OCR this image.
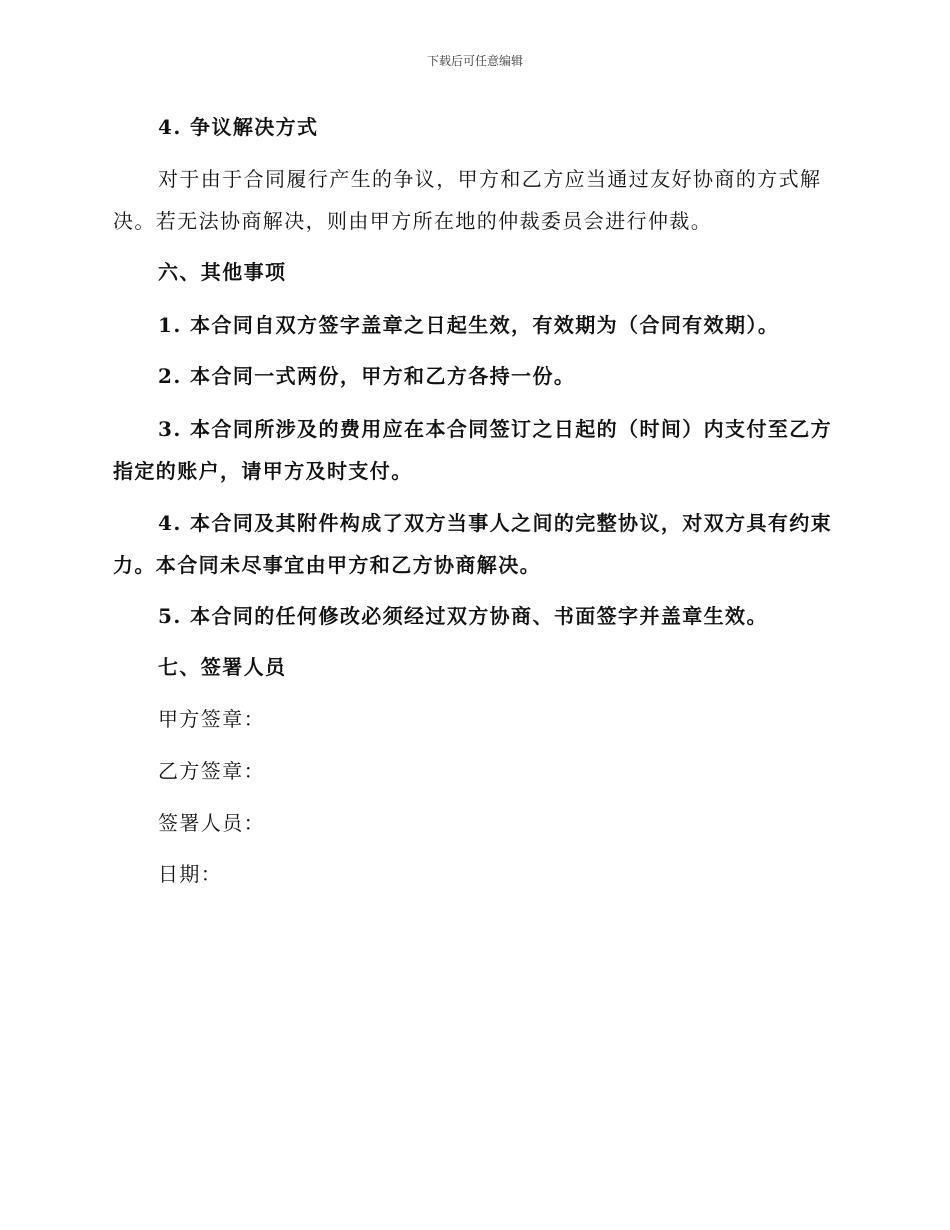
下载后可任意编辑

4. 争议解决方式

对于由于合同履行产生的争议，甲方和乙方应当通过友好协商的方式解决。若无法协商解决，则由甲方所在地的仲裁委员会进行仲裁。

六、其他事项

1. 本合同自双方签字盖章之日起生效，有效期为（合同有效期）。

2. 本合同一式两份，甲方和乙方各持一份。

3. 本合同所涉及的费用应在本合同签订之日起的（时间）内支付至乙方指定的账户，请甲方及时支付。

4. 本合同及其附件构成了双方当事人之间的完整协议，对双方具有约束力。本合同未尽事宜由甲方和乙方协商解决。

5. 本合同的任何修改必须经过双方协商、书面签字并盖章生效。

七、签署人员

甲方签章：

乙方签章：

签署人员：

日期：
